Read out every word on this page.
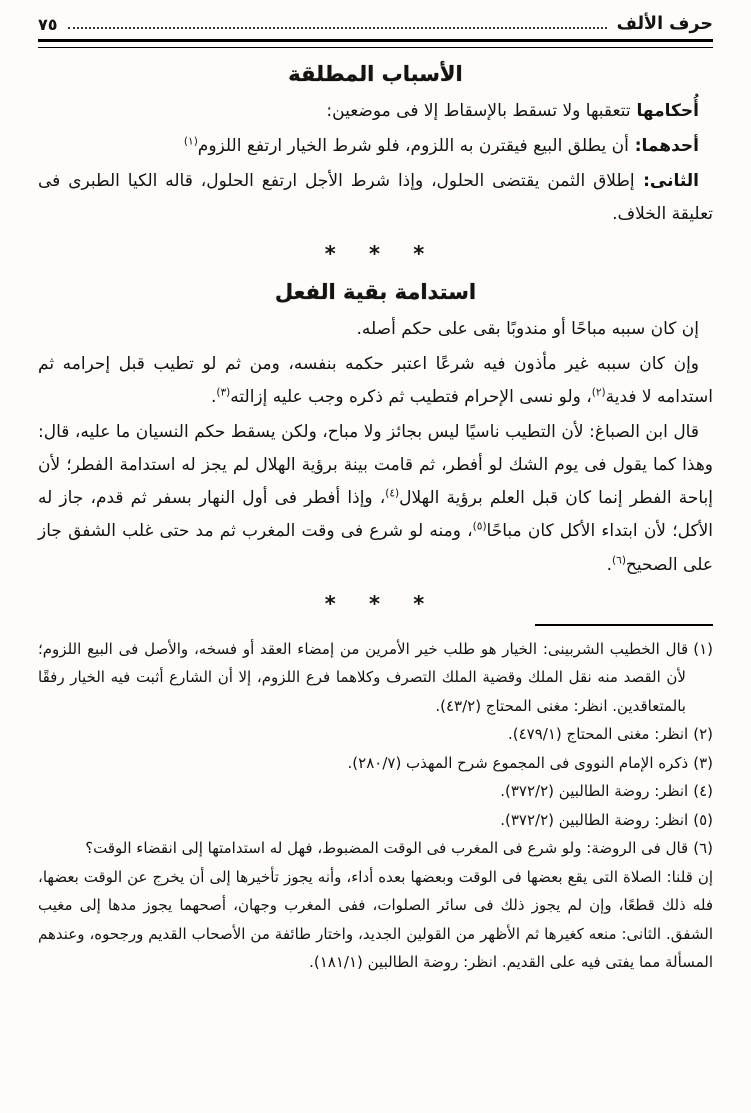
حرف الألف
٧٥
الأسباب المطلقة

أُحكامها تتعقبها ولا تسقط بالإسقاط إلا فى موضعين:

أحدهما: أن يطلق البيع فيقترن به اللزوم، فلو شرط الخيار ارتفع اللزوم$^{(١)}$

الثانى: إطلاق الثمن يقتضى الحلول، وإذا شرط الأجل ارتفع الحلول، قاله الكيا الطبرى فى تعليقة الخلاف.

* * *
استدامة بقية الفعل

إن كان سببه مباحًا أو مندوبًا بقى على حكم أصله.

وإن كان سببه غير مأذون فيه شرعًا اعتبر حكمه بنفسه، ومن ثم لو تطيب قبل إحرامه ثم استدامه لا فدية$^{(٢)}$، ولو نسى الإحرام فتطيب ثم ذكره وجب عليه إزالته$^{(٣)}$.

قال ابن الصباغ: لأن التطيب ناسيًا ليس بجائز ولا مباح، ولكن يسقط حكم النسيان ما عليه، قال: وهذا كما يقول فى يوم الشك لو أفطر، ثم قامت بينة برؤية الهلال لم يجز له استدامة الفطر؛ لأن إباحة الفطر إنما كان قبل العلم برؤية الهلال$^{(٤)}$، وإذا أفطر فى أول النهار بسفر ثم قدم، جاز له الأكل؛ لأن ابتداء الأكل كان مباحًا$^{(٥)}$، ومنه لو شرع فى وقت المغرب ثم مد حتى غلب الشفق جاز على الصحيح$^{(٦)}$.

* * *

(١)قال الخطيب الشربينى: الخيار هو طلب خير الأمرين من إمضاء العقد أو فسخه، والأصل فى البيع اللزوم؛ لأن القصد منه نقل الملك وقضية الملك التصرف وكلاهما فرع اللزوم، إلا أن الشارع أثبت فيه الخيار رفقًا بالمتعاقدين. انظر: مغنى المحتاج (٤٣/٢).

(٢)انظر: مغنى المحتاج (٤٧٩/١).

(٣)ذكره الإمام النووى فى المجموع شرح المهذب (٢٨٠/٧).

(٤)انظر: روضة الطالبين (٣٧٢/٢).

(٥)انظر: روضة الطالبين (٣٧٢/٢).

(٦)قال فى الروضة: ولو شرع فى المغرب فى الوقت المضبوط، فهل له استدامتها إلى انقضاء الوقت؟
إن قلنا: الصلاة التى يقع بعضها فى الوقت وبعضها بعده أداء، وأنه يجوز تأخيرها إلى أن يخرج عن الوقت بعضها، فله ذلك قطعًا، وإن لم يجوز ذلك فى سائر الصلوات، ففى المغرب وجهان، أصحهما يجوز مدها إلى مغيب الشفق. الثانى: منعه كغيرها ثم الأظهر من القولين الجديد، واختار طائفة من الأصحاب القديم ورجحوه، وعندهم المسألة مما يفتى فيه على القديم. انظر: روضة الطالبين (١٨١/١).
